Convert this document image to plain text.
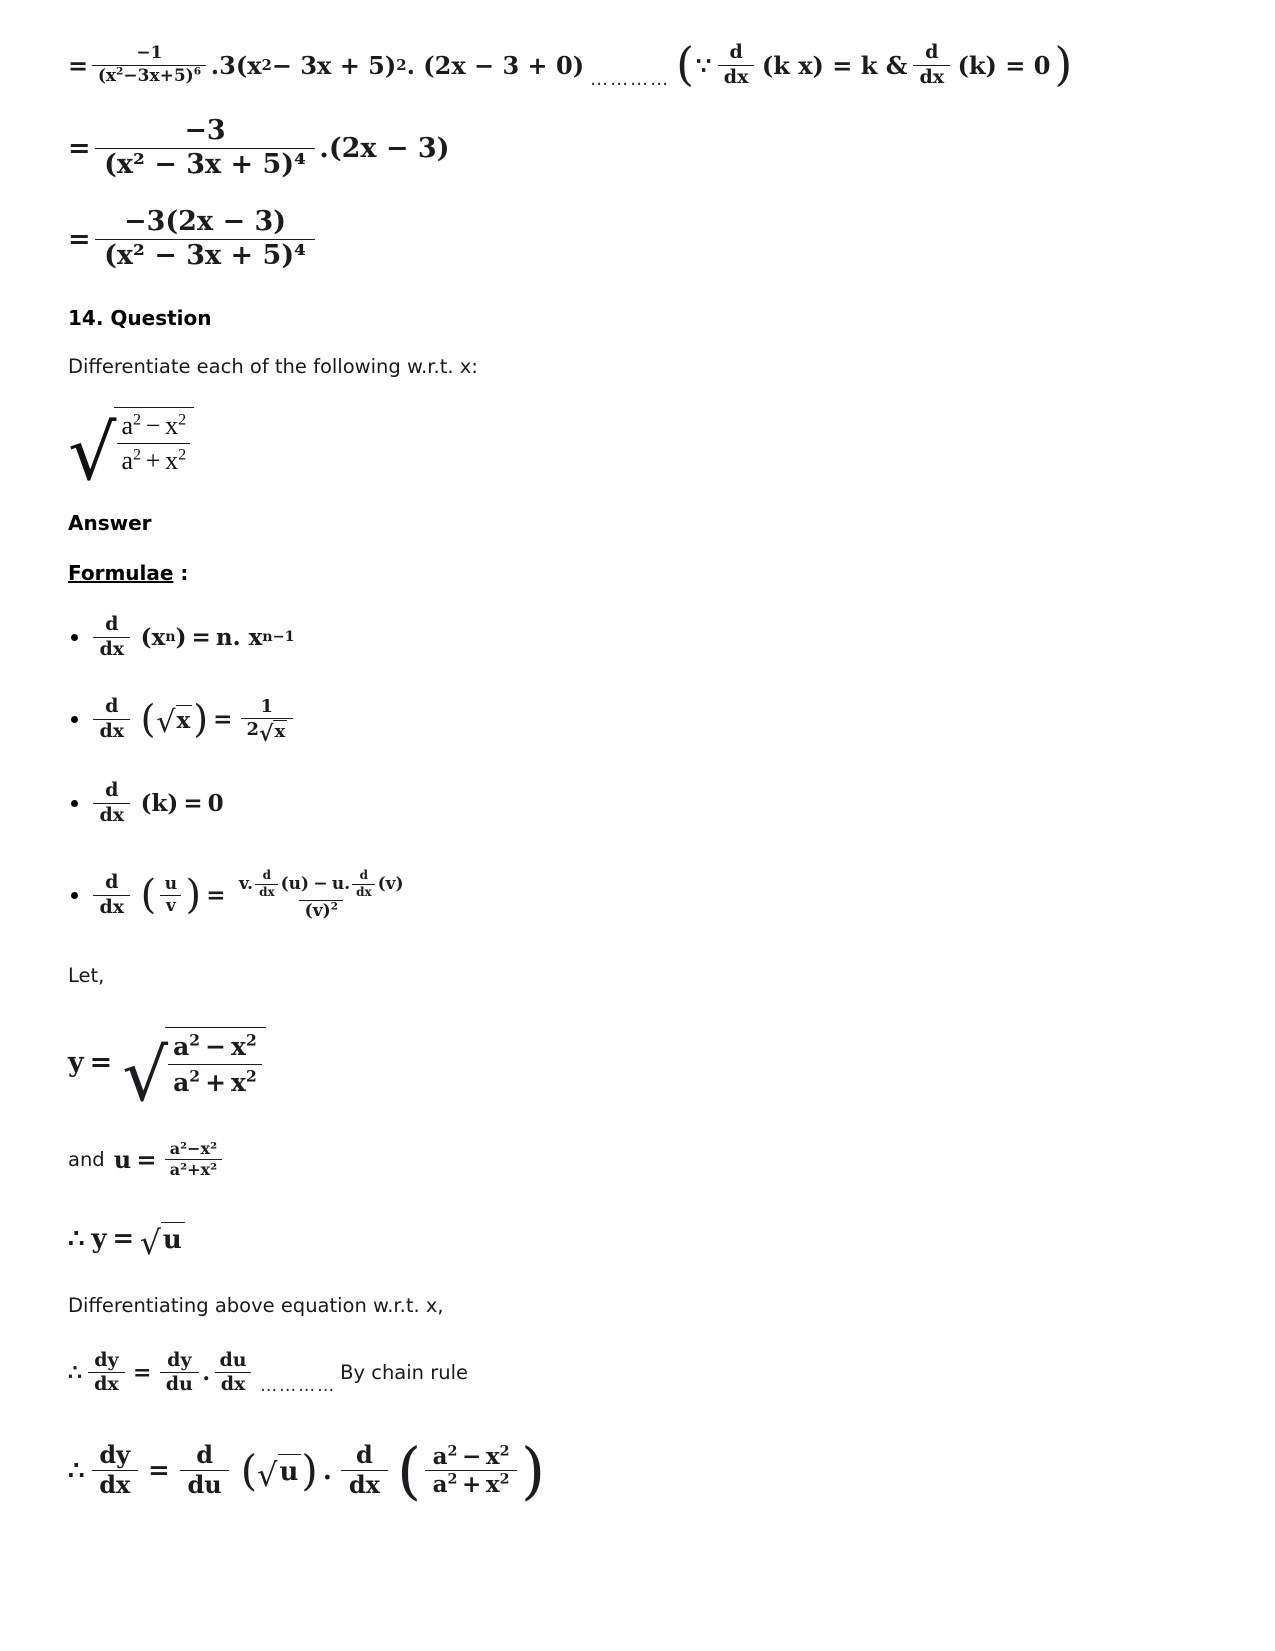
= $\frac{-1}{(x^2-3x+5)^6}$ . 3(x 2 − 3x + 5) 2 . (2x − 3 + 0) ………… ( ∵ $\frac{d}{dx} (k$ x) = k & $\frac{d}{dx} (k) = 0$ )
= $\frac{-3}{\text{(x² − 3x + 5)⁴}}$ . (2x − 3)
= $\frac{-3(2x - 3)}{\text{(x² − 3x + 5)⁴}}$
14. Question
Differentiate each of the following w.r.t. x:
√
$\frac{a^2 - x^2}{a^2 + x^2}$
Answer
Formulae :
$\frac{d}{dx} (x$ n ) = n. x n−1
$\frac{d}{dx}$ ( √ x ) =	1
2 √ x
$\frac{d}{dx} (k) = 0$
$\frac{d}{dx}$ ( $\frac{u}{v}$ ) = v. $\frac{d}{dx} (u) - u$. $\frac{d}{dx} (v)$
$(v)^2$
Let,
y = √
$\frac{a^2 - x^2}{a^2 + x^2}$
and $u = \frac{\text{a²−x²}}{\text{a²+x²}}$
∴ y = √ u
Differentiating above equation w.r.t. x,
∴ $\frac{dy}{dx} = \frac{dy}{du}$ . $\frac{du}{dx}$ …………
By chain rule
∴ $\frac{dy}{dx} = \frac{d}{du}$ ( √ u ) . $\frac{d}{dx}$ ( $\frac{a^2 - x^2}{a^2 + x^2}$ )
